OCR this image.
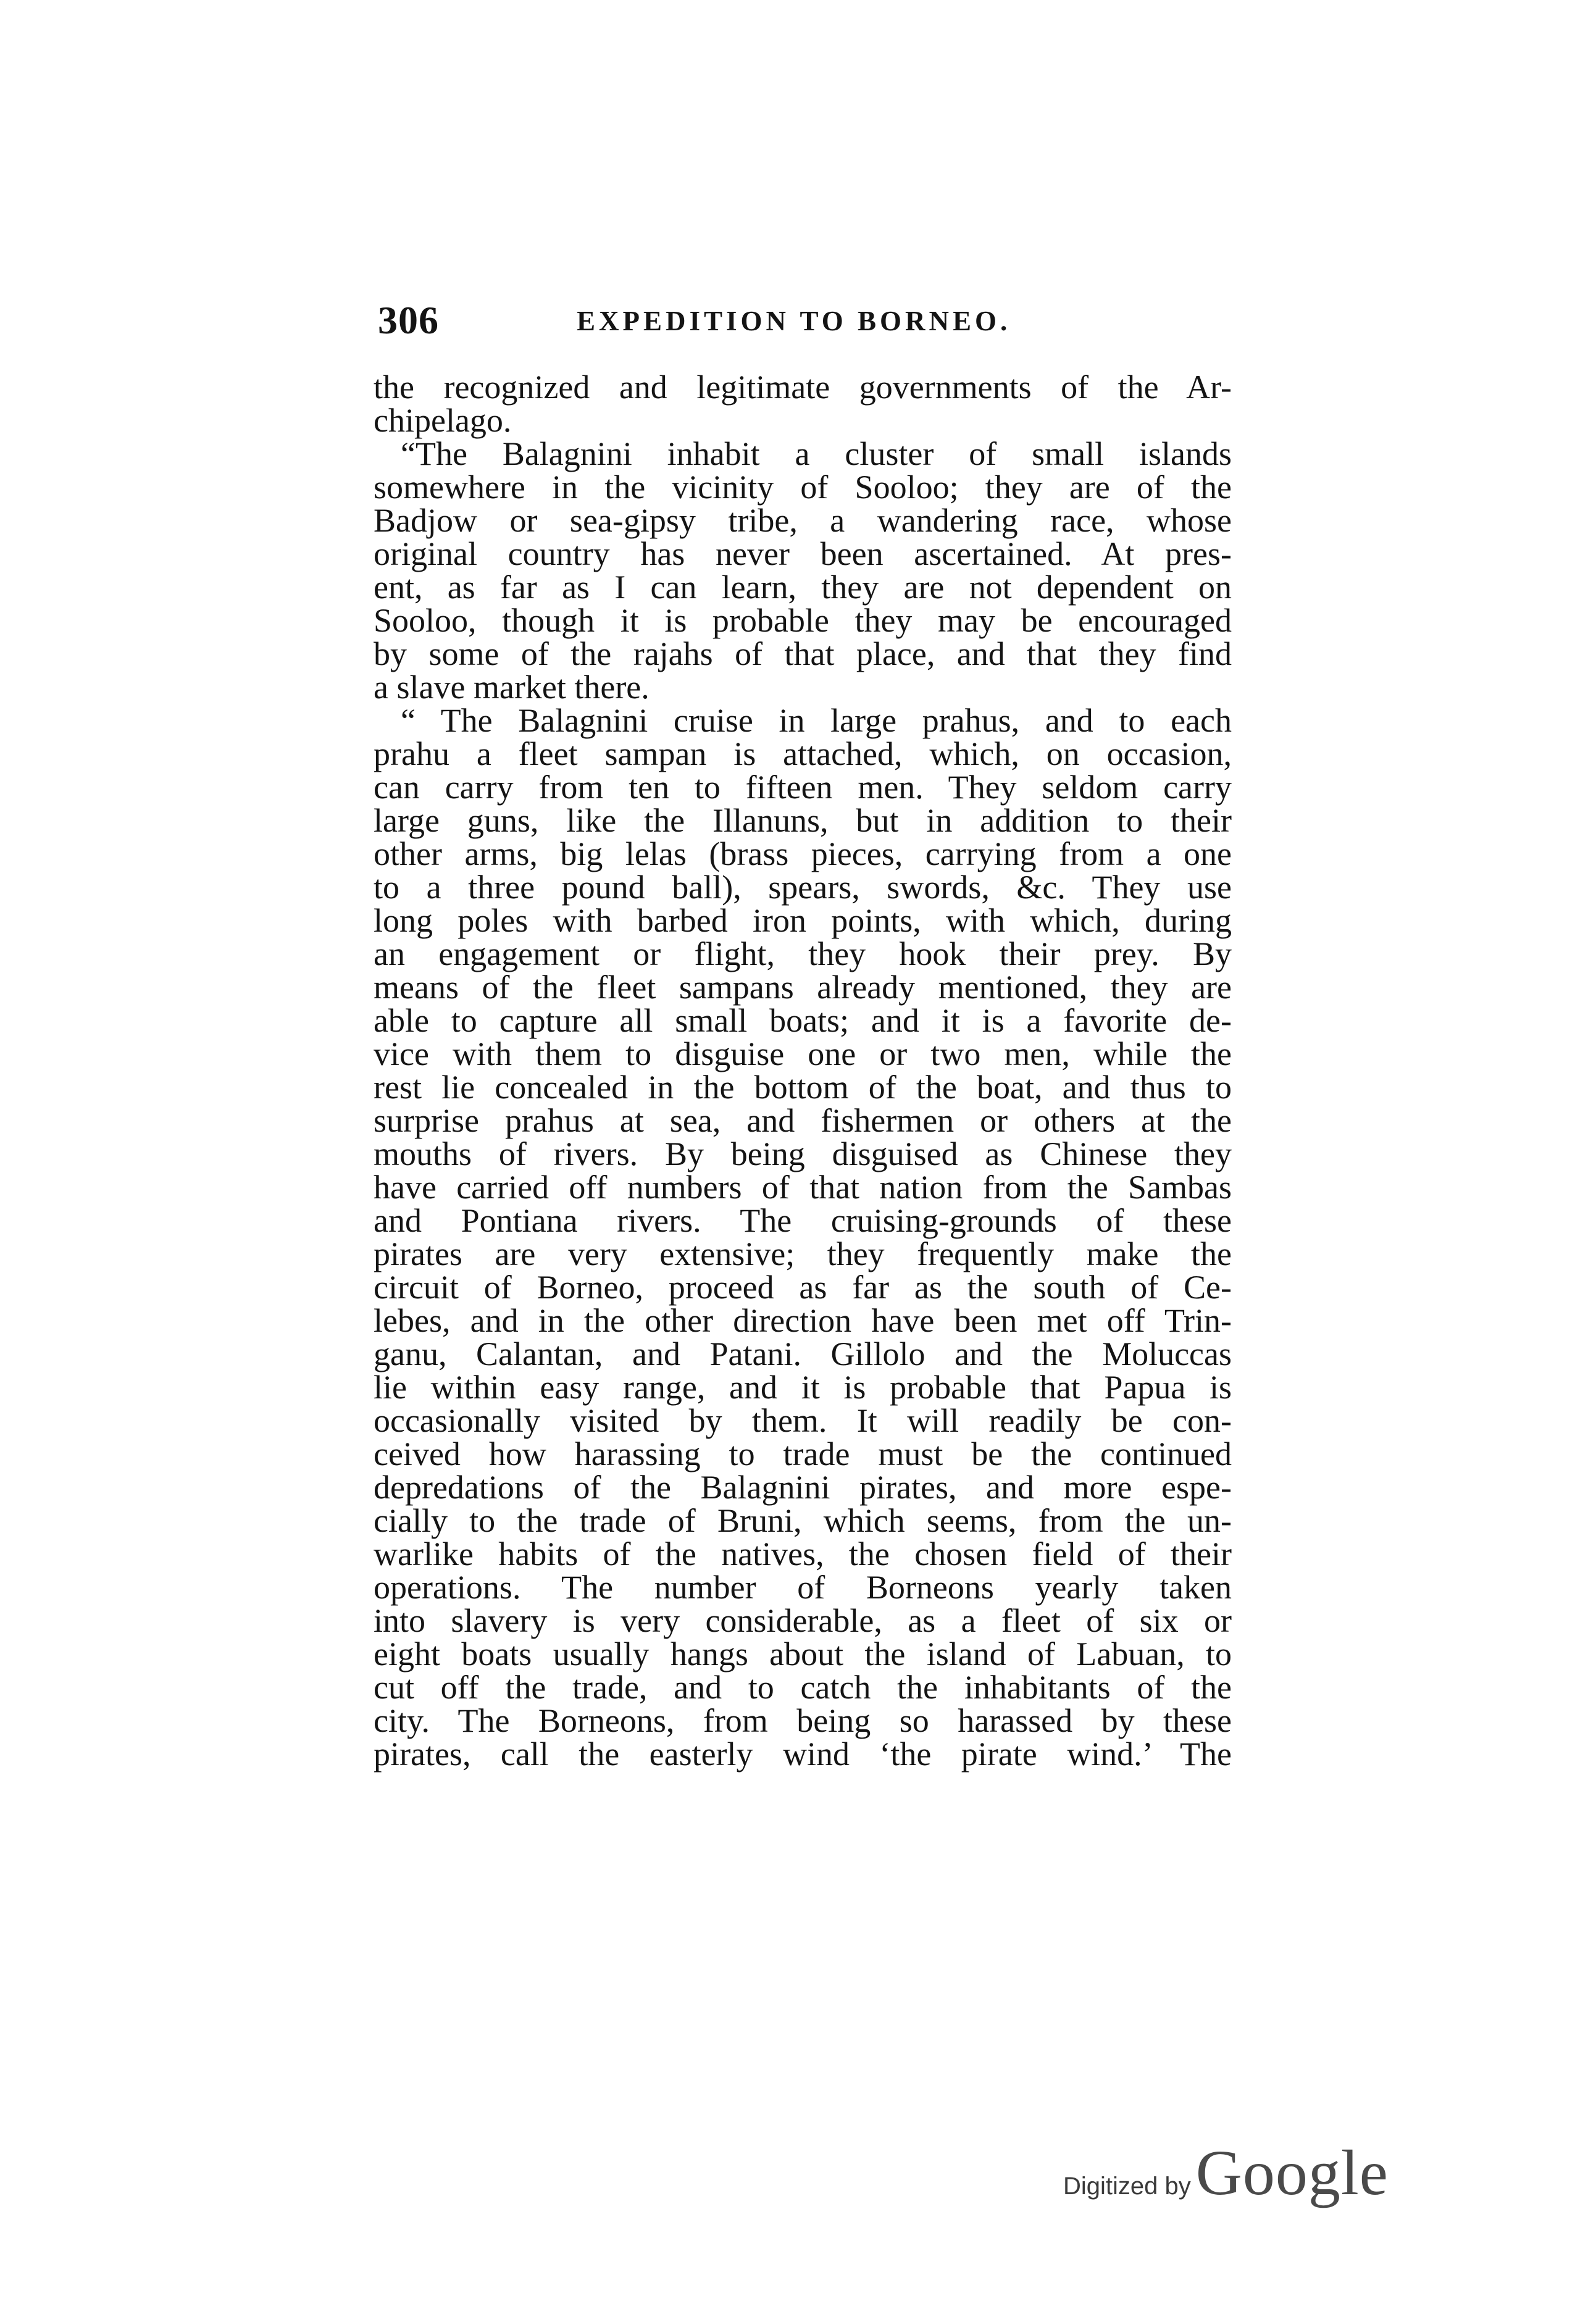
306	EXPEDITION TO BORNEO.
the recognized and legitimate governments of the Ar-
chipelago.
“The Balagnini inhabit a cluster of small islands
somewhere in the vicinity of Sooloo; they are of the
Badjow or sea-gipsy tribe, a wandering race, whose
original country has never been ascertained. At pres-
ent, as far as I can learn, they are not dependent on
Sooloo, though it is probable they may be encouraged
by some of the rajahs of that place, and that they find
a slave market there.
“ The Balagnini cruise in large prahus, and to each
prahu a fleet sampan is attached, which, on occasion,
can carry from ten to fifteen men. They seldom carry
large guns, like the Illanuns, but in addition to their
other arms, big lelas (brass pieces, carrying from a one
to a three pound ball), spears, swords, &c. They use
long poles with barbed iron points, with which, during
an engagement or flight, they hook their prey. By
means of the fleet sampans already mentioned, they are
able to capture all small boats; and it is a favorite de-
vice with them to disguise one or two men, while the
rest lie concealed in the bottom of the boat, and thus to
surprise prahus at sea, and fishermen or others at the
mouths of rivers. By being disguised as Chinese they
have carried off numbers of that nation from the Sambas
and Pontiana rivers. The cruising-grounds of these
pirates are very extensive; they frequently make the
circuit of Borneo, proceed as far as the south of Ce-
lebes, and in the other direction have been met off Trin-
ganu, Calantan, and Patani. Gillolo and the Moluccas
lie within easy range, and it is probable that Papua is
occasionally visited by them. It will readily be con-
ceived how harassing to trade must be the continued
depredations of the Balagnini pirates, and more espe-
cially to the trade of Bruni, which seems, from the un-
warlike habits of the natives, the chosen field of their
operations. The number of Borneons yearly taken
into slavery is very considerable, as a fleet of six or
eight boats usually hangs about the island of Labuan, to
cut off the trade, and to catch the inhabitants of the
city. The Borneons, from being so harassed by these
pirates, call the easterly wind ‘the pirate wind.’ The
Digitized by Google
